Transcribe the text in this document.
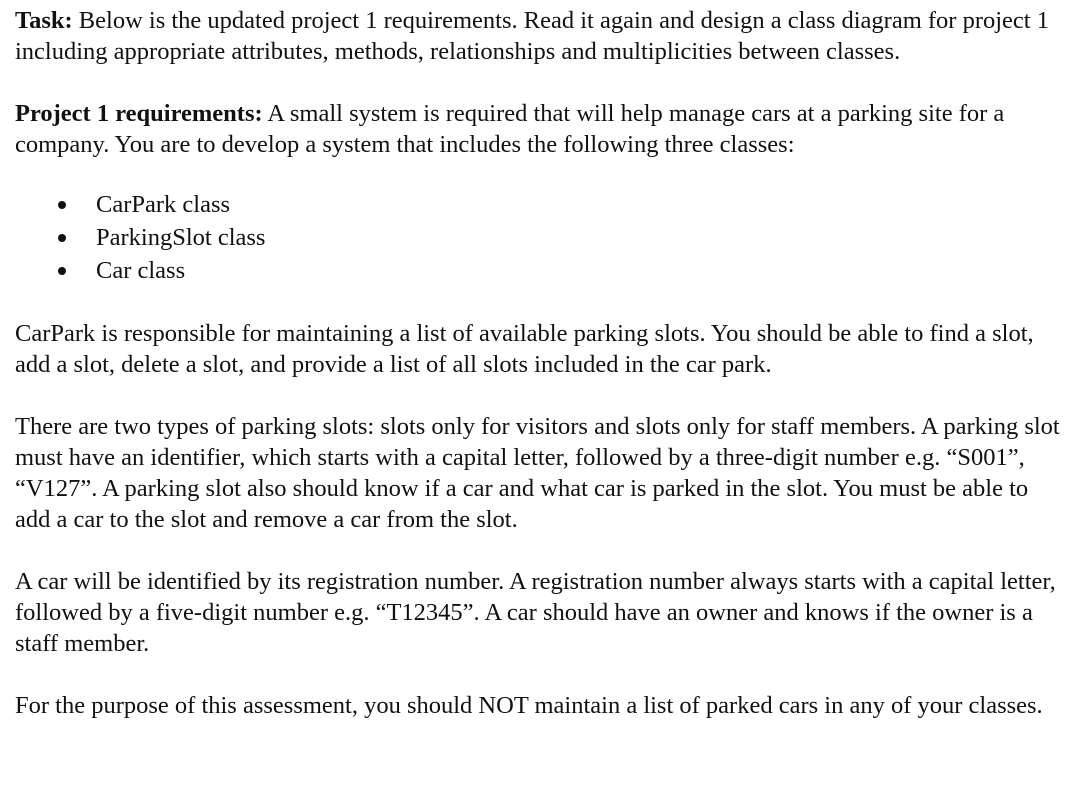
Task: Below is the updated project 1 requirements. Read it again and design a class diagram for project 1 including appropriate attributes, methods, relationships and multiplicities between classes.

Project 1 requirements: A small system is required that will help manage cars at a parking site for a company. You are to develop a system that includes the following three classes:

CarPark class
ParkingSlot class
Car class

CarPark is responsible for maintaining a list of available parking slots. You should be able to find a slot, add a slot, delete a slot, and provide a list of all slots included in the car park.

There are two types of parking slots: slots only for visitors and slots only for staff members. A parking slot must have an identifier, which starts with a capital letter, followed by a three-digit number e.g. “S001”, “V127”. A parking slot also should know if a car and what car is parked in the slot. You must be able to add a car to the slot and remove a car from the slot.

A car will be identified by its registration number. A registration number always starts with a capital letter, followed by a five-digit number e.g. “T12345”. A car should have an owner and knows if the owner is a staff member.

For the purpose of this assessment, you should NOT maintain a list of parked cars in any of your classes.
